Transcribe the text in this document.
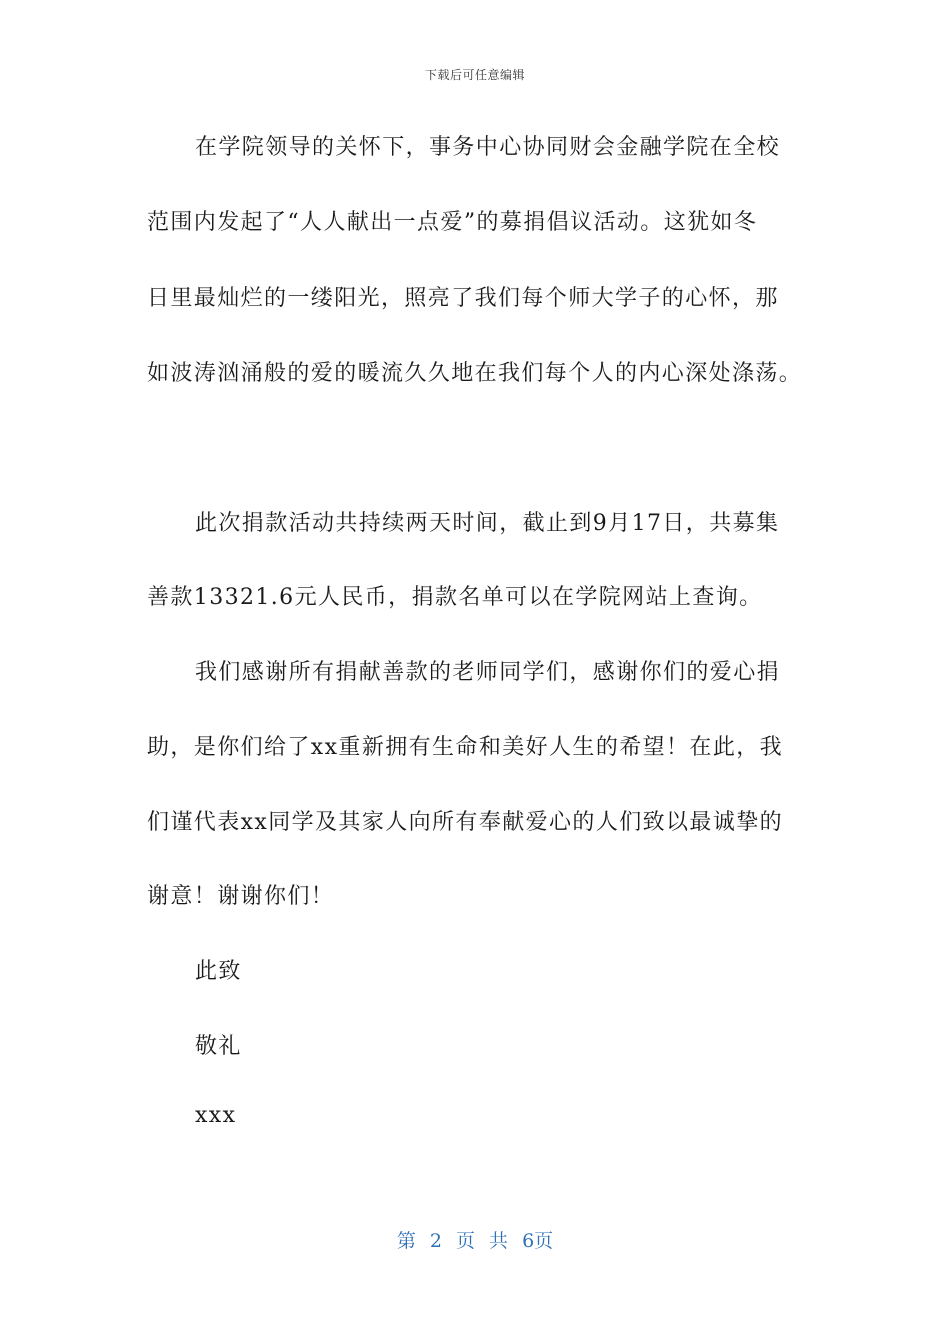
下载后可任意编辑
在学院领导的关怀下，事务中心协同财会金融学院在全校
范围内发起了“人人献出一点爱”的募捐倡议活动。这犹如冬
日里最灿烂的一缕阳光，照亮了我们每个师大学子的心怀，那
如波涛汹涌般的爱的暖流久久地在我们每个人的内心深处涤荡。
此次捐款活动共持续两天时间，截止到9月17日，共募集
善款13321.6元人民币，捐款名单可以在学院网站上查询。
我们感谢所有捐献善款的老师同学们，感谢你们的爱心捐
助，是你们给了xx重新拥有生命和美好人生的希望！在此，我
们谨代表xx同学及其家人向所有奉献爱心的人们致以最诚挚的
谢意！谢谢你们！
此致
敬礼
xxx
第 2 页 共 6页
